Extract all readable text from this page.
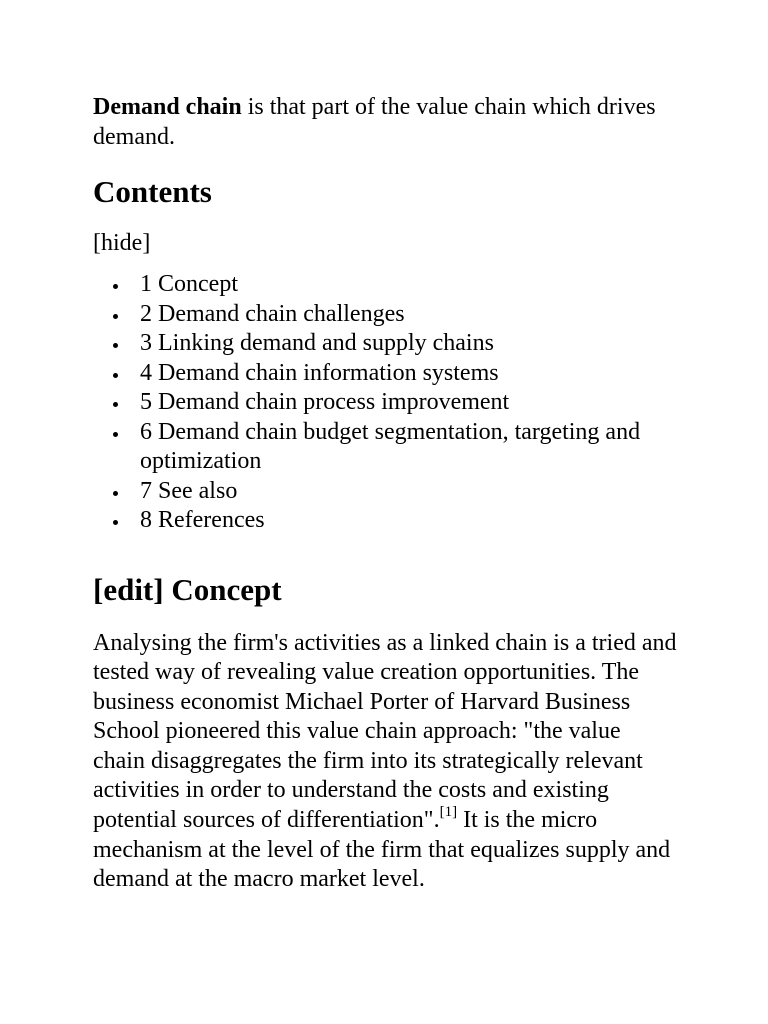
Demand chain is that part of the value chain which drives demand.

Contents
[hide]
1 Concept
2 Demand chain challenges
3 Linking demand and supply chains
4 Demand chain information systems
5 Demand chain process improvement
6 Demand chain budget segmentation, targeting and optimization
7 See also
8 References
[edit] Concept

Analysing the firm's activities as a linked chain is a tried and tested way of revealing value creation opportunities. The business economist Michael Porter of Harvard Business School pioneered this value chain approach: "the value chain disaggregates the firm into its strategically relevant activities in order to understand the costs and existing potential sources of differentiation".[1] It is the micro mechanism at the level of the firm that equalizes supply and demand at the macro market level.
